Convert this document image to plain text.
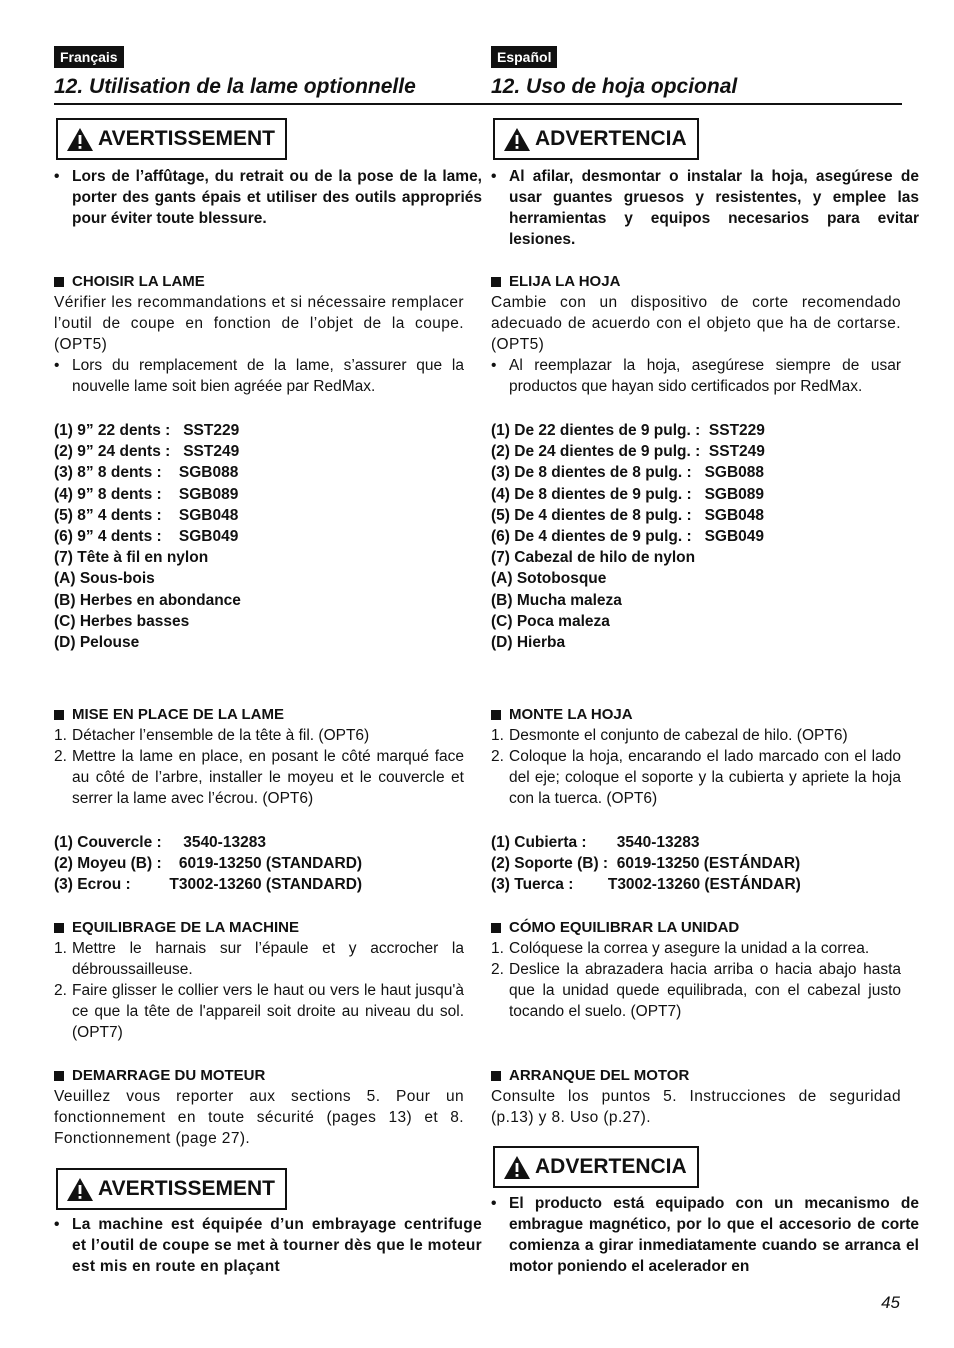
Français
12. Utilisation de la lame optionnelle
AVERTISSEMENT
• Lors de l’affûtage, du retrait ou de la pose de la lame, porter des gants épais et utiliser des outils appropriés pour éviter toute blessure.
CHOISIR LA LAME
Vérifier les recommandations et si nécessaire remplacer l’outil de coupe en fonction de l’objet de la coupe. (OPT5)
• Lors du remplacement de la lame, s’assurer que la nouvelle lame soit bien agréée par RedMax.
(1) 9” 22 dents :   SST229
(2) 9” 24 dents :   SST249
(3) 8” 8 dents :    SGB088
(4) 9” 8 dents :    SGB089
(5) 8” 4 dents :    SGB048
(6) 9” 4 dents :    SGB049
(7) Tête à fil en nylon
(A) Sous-bois
(B) Herbes en abondance
(C) Herbes basses
(D) Pelouse
MISE EN PLACE DE LA LAME
1. Détacher l’ensemble de la tête à fil. (OPT6)
2. Mettre la lame en place, en posant le côté marqué face au côté de l’arbre, installer le moyeu et le couvercle et serrer la lame avec l’écrou. (OPT6)
(1) Couvercle :     3540-13283
(2) Moyeu (B) :    6019-13250 (STANDARD)
(3) Ecrou :         T3002-13260 (STANDARD)
EQUILIBRAGE DE LA MACHINE
1. Mettre le harnais sur l’épaule et y accrocher la débroussailleuse.
2. Faire glisser le collier vers le haut ou vers le haut jusqu'à ce que la tête de l'appareil soit droite au niveau du sol. (OPT7)
DEMARRAGE DU MOTEUR
Veuillez vous reporter aux sections 5. Pour un fonctionnement en toute sécurité (pages 13) et 8. Fonctionnement (page 27).
AVERTISSEMENT
• La machine est équipée d’un embrayage centrifuge et l’outil de coupe se met à tourner dès que le moteur est mis en route en plaçant
Español
12. Uso de hoja opcional
ADVERTENCIA
• Al afilar, desmontar o instalar la hoja, asegúrese de usar guantes gruesos y resistentes, y emplee las herramientas y equipos necesarios para evitar lesiones.
ELIJA LA HOJA
Cambie con un dispositivo de corte recomendado adecuado de acuerdo con el objeto que ha de cortarse. (OPT5)
• Al reemplazar la hoja, asegúrese siempre de usar productos que hayan sido certificados por RedMax.
(1) De 22 dientes de 9 pulg. :  SST229
(2) De 24 dientes de 9 pulg. :  SST249
(3) De 8 dientes de 8 pulg. :   SGB088
(4) De 8 dientes de 9 pulg. :   SGB089
(5) De 4 dientes de 8 pulg. :   SGB048
(6) De 4 dientes de 9 pulg. :   SGB049
(7) Cabezal de hilo de nylon
(A) Sotobosque
(B) Mucha maleza
(C) Poca maleza
(D) Hierba
MONTE LA HOJA
1. Desmonte el conjunto de cabezal de hilo. (OPT6)
2. Coloque la hoja, encarando el lado marcado con el lado del eje; coloque el soporte y la cubierta y apriete la hoja con la tuerca. (OPT6)
(1) Cubierta :       3540-13283
(2) Soporte (B) :  6019-13250 (ESTÁNDAR)
(3) Tuerca :        T3002-13260 (ESTÁNDAR)
CÓMO EQUILIBRAR LA UNIDAD
1. Colóquese la correa y asegure la unidad a la correa.
2. Deslice la abrazadera hacia arriba o hacia abajo hasta que la unidad quede equilibrada, con el cabezal justo tocando el suelo. (OPT7)
ARRANQUE DEL MOTOR
Consulte los puntos 5. Instrucciones de seguridad (p.13) y 8. Uso (p.27).
ADVERTENCIA
• El producto está equipado con un mecanismo de embrague magnético, por lo que el accesorio de corte comienza a girar inmediatamente cuando se arranca el motor poniendo el acelerador en
45
